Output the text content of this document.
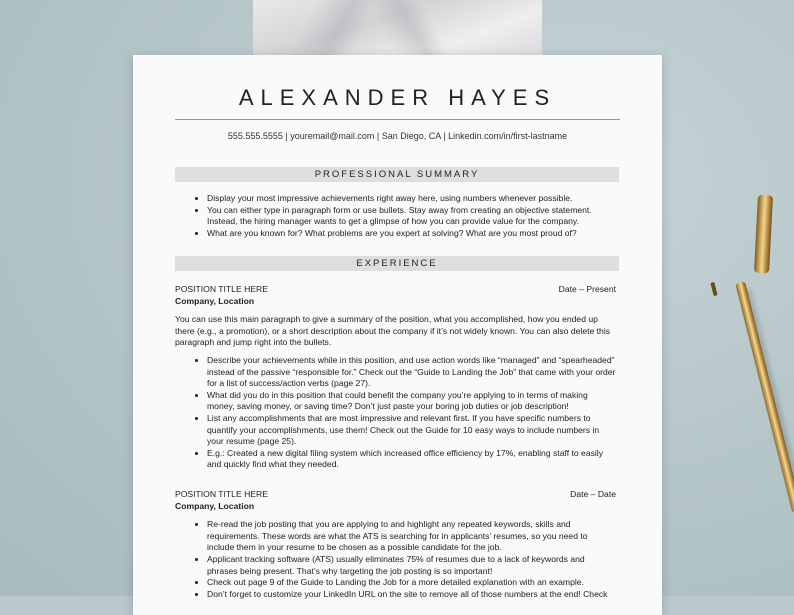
ALEXANDER HAYES
555.555.5555 | youremail@mail.com | San Diego, CA | Linkedin.com/in/first-lastname
PROFESSIONAL SUMMARY
• Display your most impressive achievements right away here, using numbers whenever possible.
• You can either type in paragraph form or use bullets. Stay away from creating an objective statement. Instead, the hiring manager wants to get a glimpse of how you can provide value for the company.
• What are you known for? What problems are you expert at solving? What are you most proud of?
EXPERIENCE
POSITION TITLE HERE	Date – Present
Company, Location
You can use this main paragraph to give a summary of the position, what you accomplished, how you ended up there (e.g., a promotion), or a short description about the company if it’s not widely known. You can also delete this paragraph and jump right into the bullets.
• Describe your achievements while in this position, and use action words like “managed” and “spearheaded” instead of the passive “responsible for.” Check out the “Guide to Landing the Job” that came with your order for a list of success/action verbs (page 27).
• What did you do in this position that could benefit the company you’re applying to in terms of making money, saving money, or saving time? Don’t just paste your boring job duties or job description!
• List any accomplishments that are most impressive and relevant first. If you have specific numbers to quantify your accomplishments, use them! Check out the Guide for 10 easy ways to include numbers in your resume (page 25).
• E.g.: Created a new digital filing system which increased office efficiency by 17%, enabling staff to easily and quickly find what they needed.
POSITION TITLE HERE	Date – Date
Company, Location
• Re-read the job posting that you are applying to and highlight any repeated keywords, skills and requirements. These words are what the ATS is searching for in applicants’ resumes, so you need to include them in your resume to be chosen as a possible candidate for the job.
• Applicant tracking software (ATS) usually eliminates 75% of resumes due to a lack of keywords and phrases being present. That’s why targeting the job posting is so important!
• Check out page 9 of the Guide to Landing the Job for a more detailed explanation with an example.
• Don’t forget to customize your LinkedIn URL on the site to remove all of those numbers at the end! Check
